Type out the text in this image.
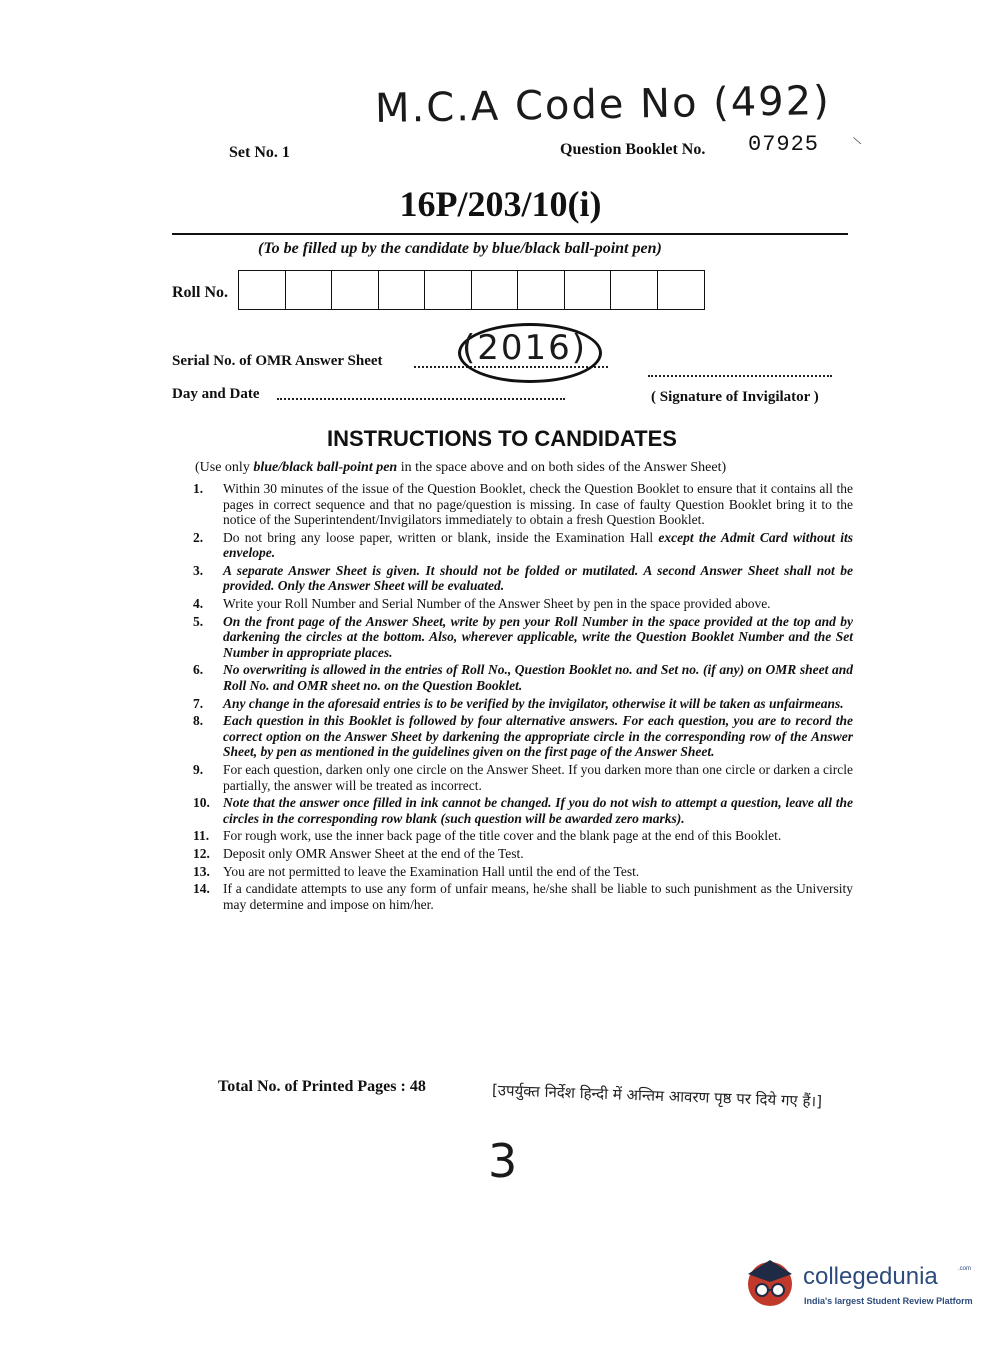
M.C.A Code No (492)
\
Set No. 1	Question Booklet No. 07925
16P/203/10(i)
(To be filled up by the candidate by blue/black ball-point pen)
Roll No.
Serial No. of OMR Answer Sheet (2016)
Day and Date	( Signature of Invigilator )
INSTRUCTIONS TO CANDIDATES
(Use only blue/black ball-point pen in the space above and on both sides of the Answer Sheet)
1.	Within 30 minutes of the issue of the Question Booklet, check the Question Booklet to ensure that it contains all the pages in correct sequence and that no page/question is missing. In case of faulty Question Booklet bring it to the notice of the Superintendent/Invigilators immediately to obtain a fresh Question Booklet.
2.	Do not bring any loose paper, written or blank, inside the Examination Hall except the Admit Card without its envelope.
3.	A separate Answer Sheet is given. It should not be folded or mutilated. A second Answer Sheet shall not be provided. Only the Answer Sheet will be evaluated.
4.	Write your Roll Number and Serial Number of the Answer Sheet by pen in the space provided above.
5.	On the front page of the Answer Sheet, write by pen your Roll Number in the space provided at the top and by darkening the circles at the bottom. Also, wherever applicable, write the Question Booklet Number and the Set Number in appropriate places.
6.	No overwriting is allowed in the entries of Roll No., Question Booklet no. and Set no. (if any) on OMR sheet and Roll No. and OMR sheet no. on the Question Booklet.
7.	Any change in the aforesaid entries is to be verified by the invigilator, otherwise it will be taken as unfairmeans.
8.	Each question in this Booklet is followed by four alternative answers. For each question, you are to record the correct option on the Answer Sheet by darkening the appropriate circle in the corresponding row of the Answer Sheet, by pen as mentioned in the guidelines given on the first page of the Answer Sheet.
9.	For each question, darken only one circle on the Answer Sheet. If you darken more than one circle or darken a circle partially, the answer will be treated as incorrect.
10. Note that the answer once filled in ink cannot be changed. If you do not wish to attempt a question, leave all the circles in the corresponding row blank (such question will be awarded zero marks).
11.	For rough work, use the inner back page of the title cover and the blank page at the end of this Booklet.
12. Deposit only OMR Answer Sheet at the end of the Test.
13. You are not permitted to leave the Examination Hall until the end of the Test.
14. If a candidate attempts to use any form of unfair means, he/she shall be liable to such punishment as the University may determine and impose on him/her.
Total No. of Printed Pages : 48	[उपर्युक्त निर्देश हिन्दी में अन्तिम आवरण पृष्ठ पर दिये गए हैं।]
3
collegedunia	.com
India's largest Student Review Platform
